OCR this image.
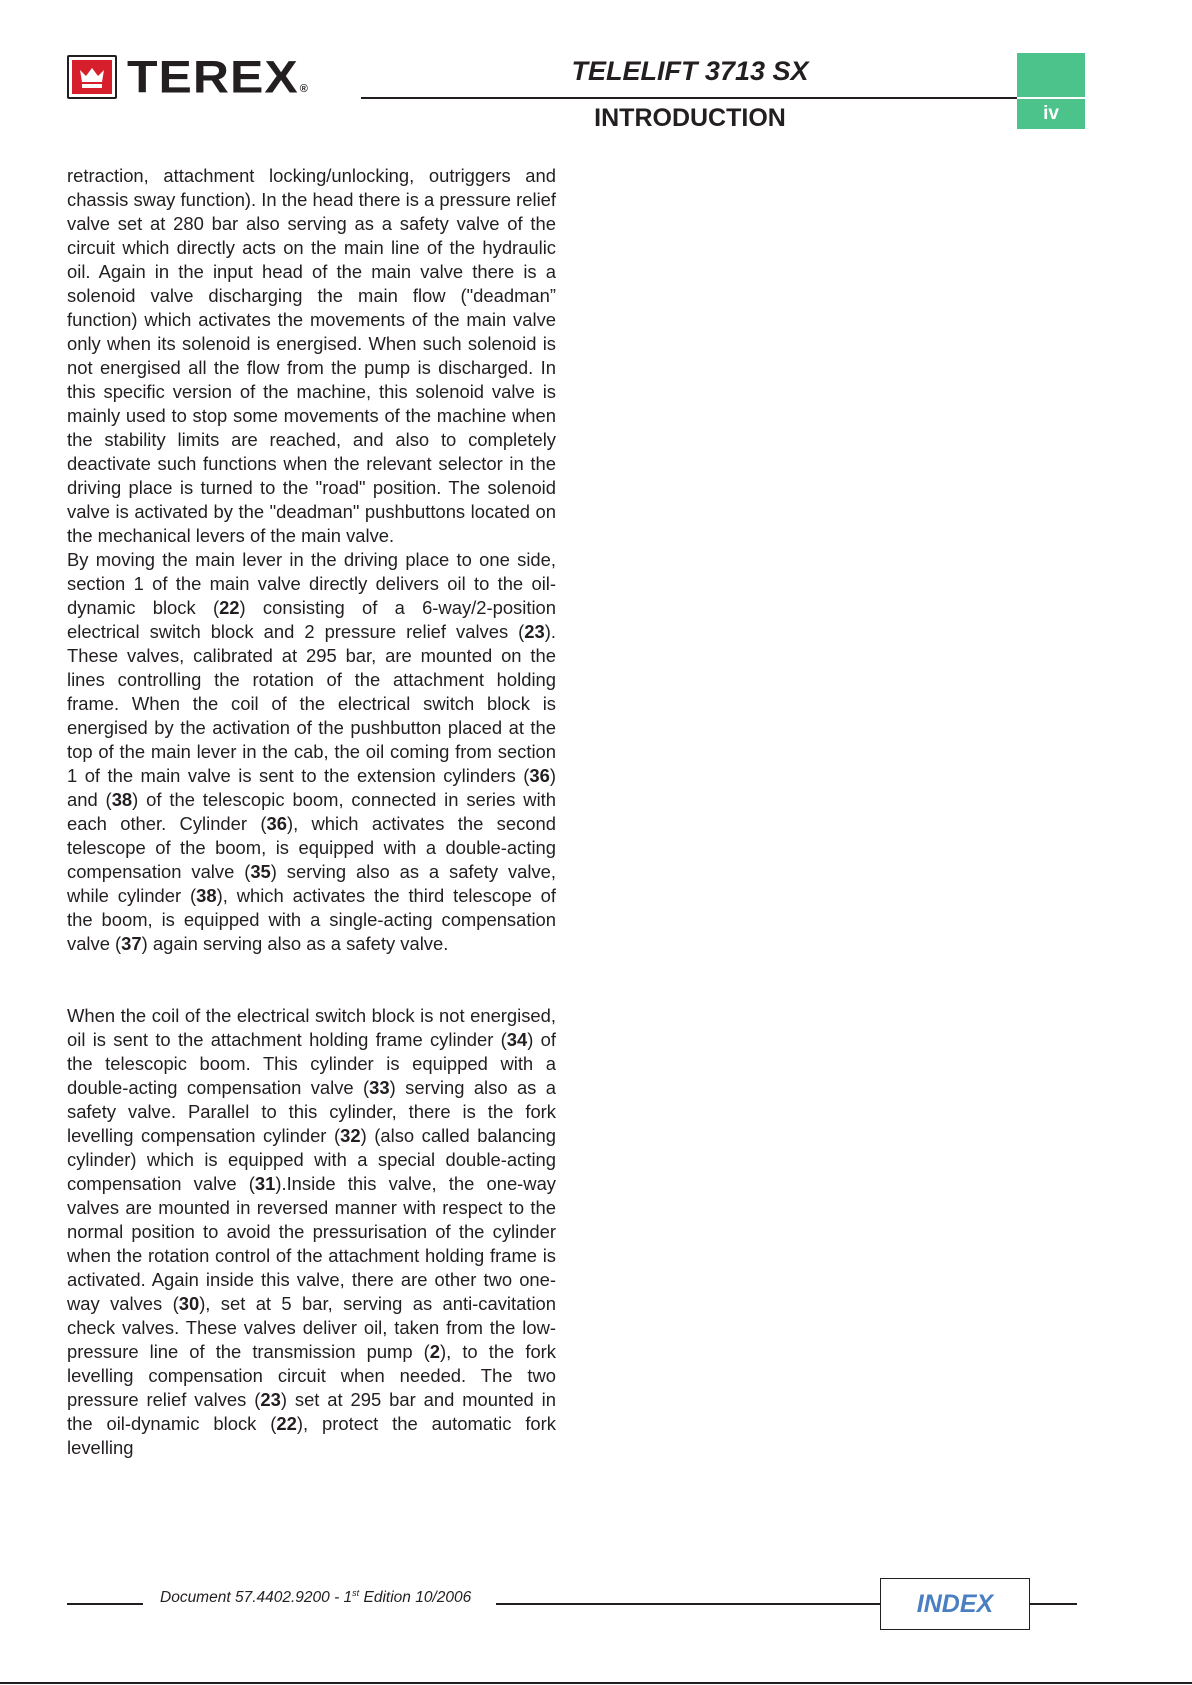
TEREX ®
TELELIFT 3713 SX
INTRODUCTION	iv

retraction, attachment locking/unlocking, outriggers and chassis sway function). In the head there is a pressure relief valve set at 280 bar also serving as a safety valve of the circuit which directly acts on the main line of the hydraulic oil. Again in the input head of the main valve there is a solenoid valve discharging the main flow ("deadman” function) which activates the movements of the main valve only when its solenoid is energised. When such solenoid is not energised all the flow from the pump is discharged. In this specific version of the machine, this solenoid valve is mainly used to stop some movements of the machine when the stability limits are reached, and also to completely deactivate such functions when the relevant selector in the driving place is turned to the "road" position. The solenoid valve is activated by the "deadman" pushbuttons located on the mechanical levers of the main valve.

By moving the main lever in the driving place to one side, section 1 of the main valve directly delivers oil to the oil-dynamic block (22) consisting of a 6-way/2-position electrical switch block and 2 pressure relief valves (23). These valves, calibrated at 295 bar, are mounted on the lines controlling the rotation of the attachment holding frame. When the coil of the electrical switch block is energised by the activation of the pushbutton placed at the top of the main lever in the cab, the oil coming from section 1 of the main valve is sent to the extension cylinders (36) and (38) of the telescopic boom, connected in series with each other. Cylinder (36), which activates the second telescope of the boom, is equipped with a double-acting compensation valve (35) serving also as a safety valve, while cylinder (38), which activates the third telescope of the boom, is equipped with a single-acting compensation valve (37) again serving also as a safety valve.

When the coil of the electrical switch block is not energised, oil is sent to the attachment holding frame cylinder (34) of the telescopic boom. This cylinder is equipped with a double-acting compensation valve (33) serving also as a safety valve. Parallel to this cylinder, there is the fork levelling compensation cylinder (32) (also called balancing cylinder) which is equipped with a special double-acting compensation valve (31).Inside this valve, the one-way valves are mounted in reversed manner with respect to the normal position to avoid the pressurisation of the cylinder when the rotation control of the attachment holding frame is activated. Again inside this valve, there are other two one-way valves (30), set at 5 bar, serving as anti-cavitation check valves. These valves deliver oil, taken from the low-pressure line of the transmission pump (2), to the fork levelling compensation circuit when needed. The two pressure relief valves (23) set at 295 bar and mounted in the oil-dynamic block (22), protect the automatic fork levelling

Document 57.4402.9200 - 1st Edition 10/2006	INDEX
